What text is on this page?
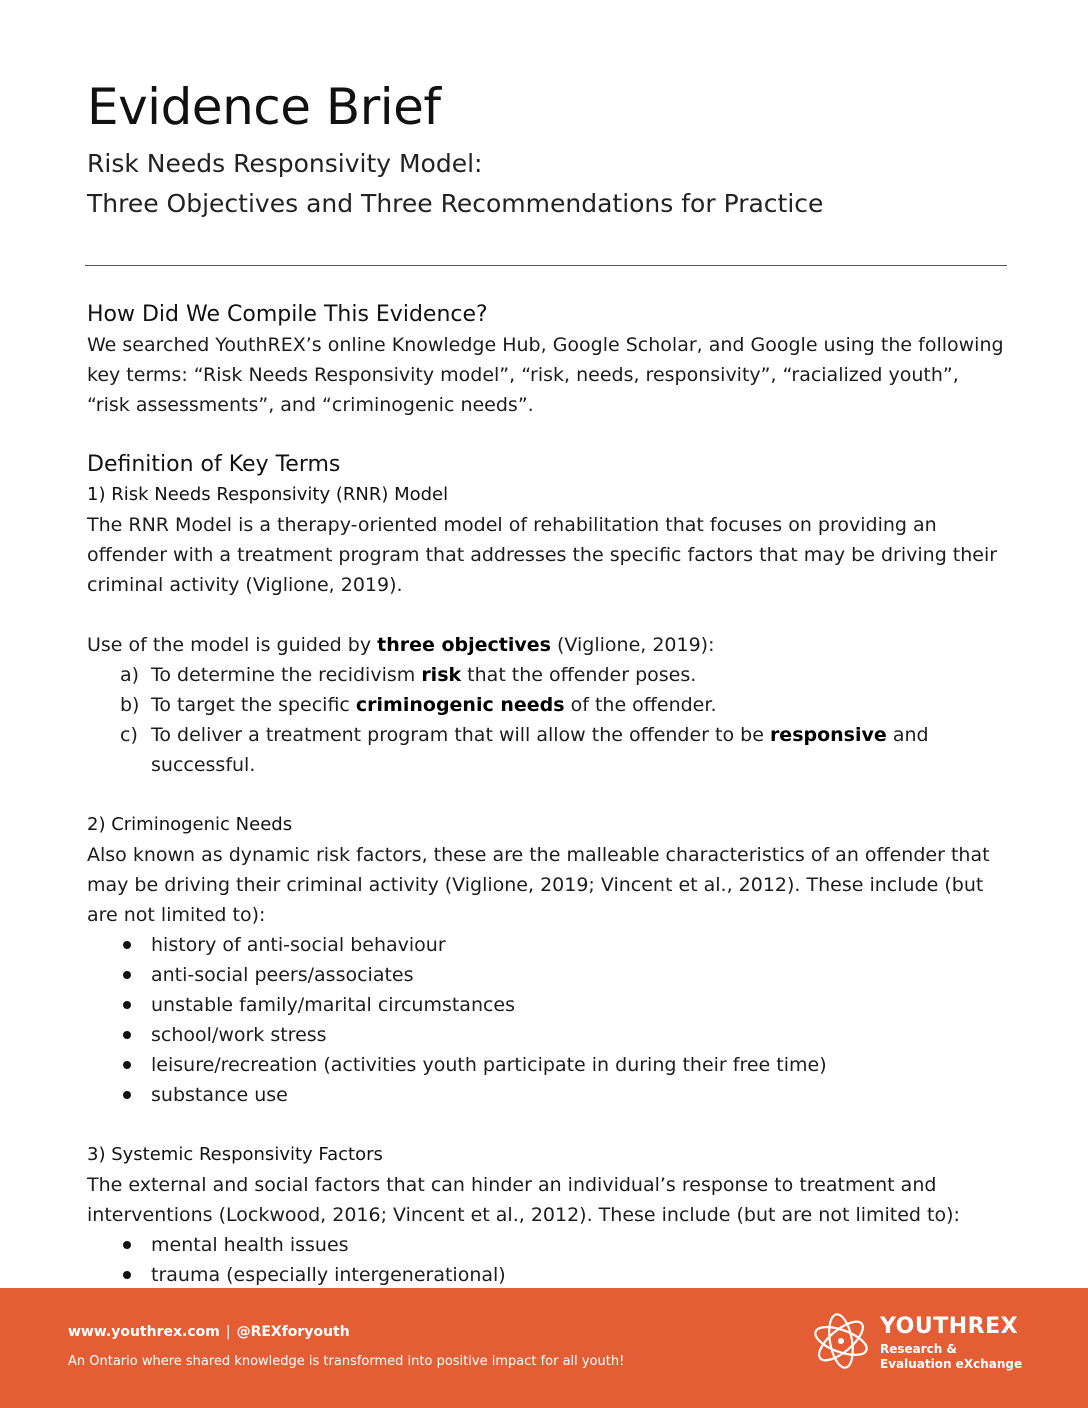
Evidence Brief
Risk Needs Responsivity Model:
Three Objectives and Three Recommendations for Practice
How Did We Compile This Evidence?

We searched YouthREX’s online Knowledge Hub, Google Scholar, and Google using the following key terms: “Risk Needs Responsivity model”, “risk, needs, responsivity”, “racialized youth”, “risk assessments”, and “criminogenic needs”.

Definition of Key Terms
1) Risk Needs Responsivity (RNR) Model

The RNR Model is a therapy-oriented model of rehabilitation that focuses on providing an offender with a treatment program that addresses the specific factors that may be driving their criminal activity (Viglione, 2019).

Use of the model is guided by three objectives (Viglione, 2019):

a) To determine the recidivism risk that the offender poses.
b) To target the specific criminogenic needs of the offender.
c) To deliver a treatment program that will allow the offender to be responsive and successful.
2) Criminogenic Needs

Also known as dynamic risk factors, these are the malleable characteristics of an offender that may be driving their criminal activity (Viglione, 2019; Vincent et al., 2012). These include (but are not limited to):

history of anti-social behaviour
anti-social peers/associates
unstable family/marital circumstances
school/work stress
leisure/recreation (activities youth participate in during their free time)
substance use
3) Systemic Responsivity Factors

The external and social factors that can hinder an individual’s response to treatment and interventions (Lockwood, 2016; Vincent et al., 2012). These include (but are not limited to):

mental health issues
trauma (especially intergenerational)
www.youthrex.com | @REXforyouth
An Ontario where shared knowledge is transformed into positive impact for all youth!
YOUTHREX
Research &
Evaluation eXchange
